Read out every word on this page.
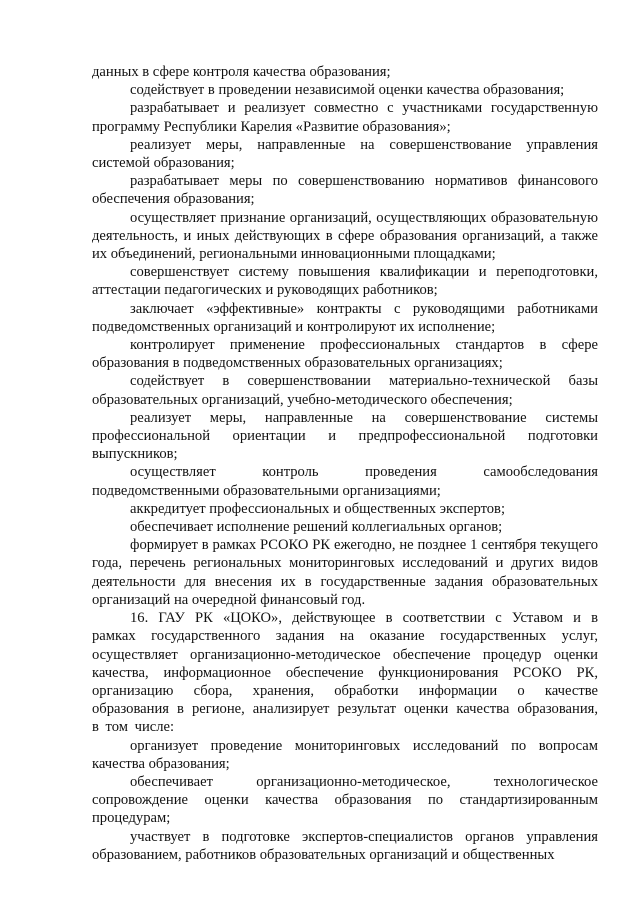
данных в сфере контроля качества образования;

содействует в проведении независимой оценки качества образования;

разрабатывает и реализует совместно с участниками государственную программу Республики Карелия «Развитие образования»;

реализует меры, направленные на совершенствование управления системой образования;

разрабатывает меры по совершенствованию нормативов финансового обеспечения образования;

осуществляет признание организаций, осуществляющих образовательную деятельность, и иных действующих в сфере образования организаций, а также их объединений, региональными инновационными площадками;

совершенствует систему повышения квалификации и переподготовки, аттестации педагогических и руководящих работников;

заключает «эффективные» контракты с руководящими работниками подведомственных организаций и контролируют их исполнение;

контролирует применение профессиональных стандартов в сфере образования в подведомственных образовательных организациях;

содействует в совершенствовании материально-технической базы образовательных организаций, учебно-методического обеспечения;

реализует меры, направленные на совершенствование системы профессиональной ориентации и предпрофессиональной подготовки выпускников;

осуществляет контроль проведения самообследования подведомственными образовательными организациями;

аккредитует профессиональных и общественных экспертов;

обеспечивает исполнение решений коллегиальных органов;

формирует в рамках РСОКО РК ежегодно, не позднее 1 сентября текущего года, перечень региональных мониторинговых исследований и других видов деятельности для внесения их в государственные задания образовательных организаций на очередной финансовый год.

16. ГАУ РК «ЦОКО», действующее в соответствии с Уставом и в рамках государственного задания на оказание государственных услуг, осуществляет организационно-методическое обеспечение процедур оценки качества, информационное обеспечение функционирования РСОКО РК, организацию сбора, хранения, обработки информации о качестве образования в регионе, анализирует результат оценки качества образования, в том числе:

организует проведение мониторинговых исследований по вопросам качества образования;

обеспечивает организационно-методическое, технологическое сопровождение оценки качества образования по стандартизированным процедурам;

участвует в подготовке экспертов-специалистов органов управления образованием, работников образовательных организаций и общественных
